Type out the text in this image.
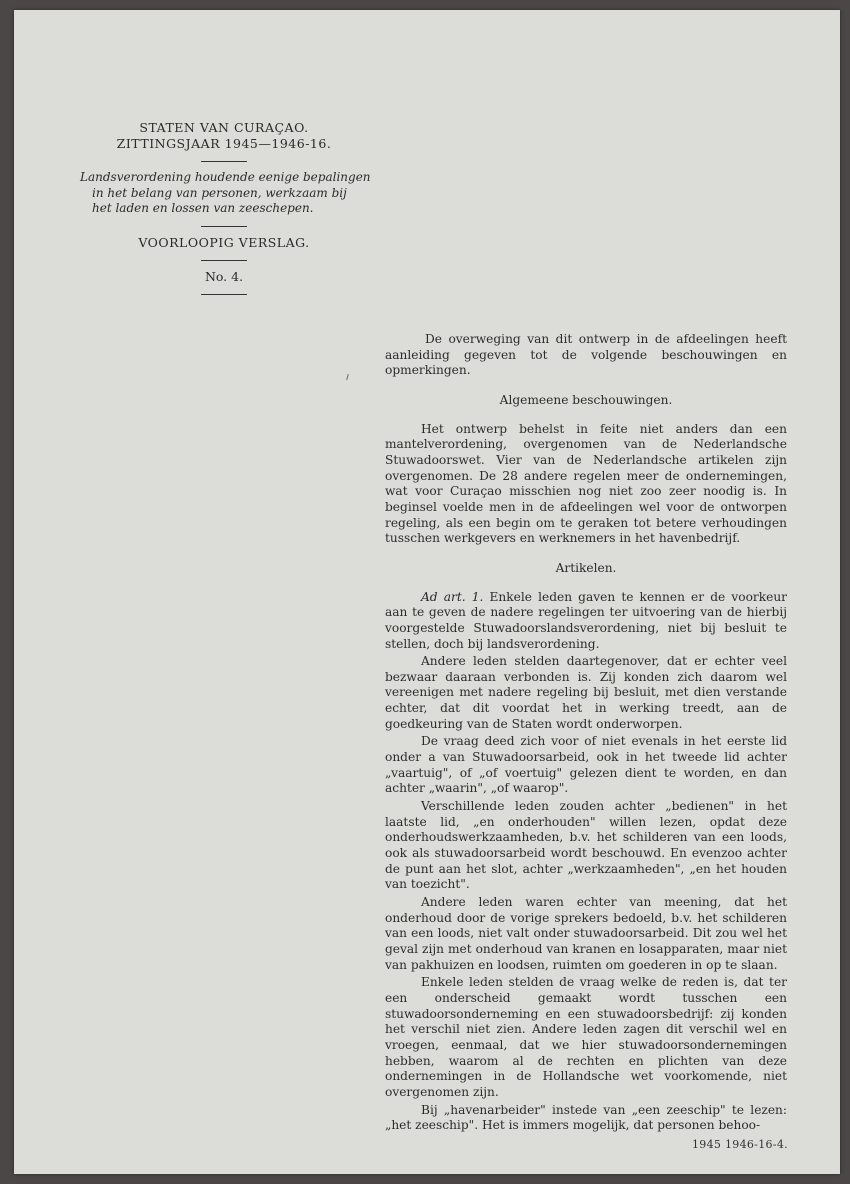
STATEN VAN CURAÇAO.
ZITTINGSJAAR 1945—1946-16.
Landsverordening houdende eenige bepalingen
in het belang van personen, werkzaam bij
het laden en lossen van zeeschepen.
VOORLOOPIG VERSLAG.
No. 4.

De overweging van dit ontwerp in de afdeelingen heeft aanleiding gegeven tot de volgende beschouwingen en opmerkingen.

Algemeene beschouwingen.

Het ontwerp behelst in feite niet anders dan een mantelverordening, overgenomen van de Nederlandsche Stuwadoorswet. Vier van de Nederlandsche artikelen zijn overgenomen. De 28 andere regelen meer de ondernemingen, wat voor Curaçao misschien nog niet zoo zeer noodig is. In beginsel voelde men in de afdeelingen wel voor de ontworpen regeling, als een begin om te geraken tot betere verhoudingen tusschen werkgevers en werknemers in het havenbedrijf.

Artikelen.

Ad art. 1. Enkele leden gaven te kennen er de voorkeur aan te geven de nadere regelingen ter uitvoering van de hierbij voorgestelde Stuwadoorslandsverordening, niet bij besluit te stellen, doch bij landsverordening.

Andere leden stelden daartegenover, dat er echter veel bezwaar daaraan verbonden is. Zij konden zich daarom wel vereenigen met nadere regeling bij besluit, met dien verstande echter, dat dit voordat het in werking treedt, aan de goedkeuring van de Staten wordt onderworpen.

De vraag deed zich voor of niet evenals in het eerste lid onder a van Stuwadoorsarbeid, ook in het tweede lid achter „vaartuig", of „of voertuig" gelezen dient te worden, en dan achter „waarin", „of waarop".

Verschillende leden zouden achter „bedienen" in het laatste lid, „en onderhouden" willen lezen, opdat deze onderhoudswerkzaamheden, b.v. het schilderen van een loods, ook als stuwadoorsarbeid wordt beschouwd. En evenzoo achter de punt aan het slot, achter „werkzaamheden", „en het houden van toezicht".

Andere leden waren echter van meening, dat het onderhoud door de vorige sprekers bedoeld, b.v. het schilderen van een loods, niet valt onder stuwadoorsarbeid. Dit zou wel het geval zijn met onderhoud van kranen en losapparaten, maar niet van pakhuizen en loodsen, ruimten om goederen in op te slaan.

Enkele leden stelden de vraag welke de reden is, dat ter een onderscheid gemaakt wordt tusschen een stuwadoorsonderneming en een stuwadoorsbedrijf: zij konden het verschil niet zien. Andere leden zagen dit verschil wel en vroegen, eenmaal, dat we hier stuwadoorsondernemingen hebben, waarom al de rechten en plichten van deze ondernemingen in de Hollandsche wet voorkomende, niet overgenomen zijn.

Bij „havenarbeider" instede van „een zeeschip" te lezen: „het zeeschip". Het is immers mogelijk, dat personen behoo-

1945 1946-16-4.
